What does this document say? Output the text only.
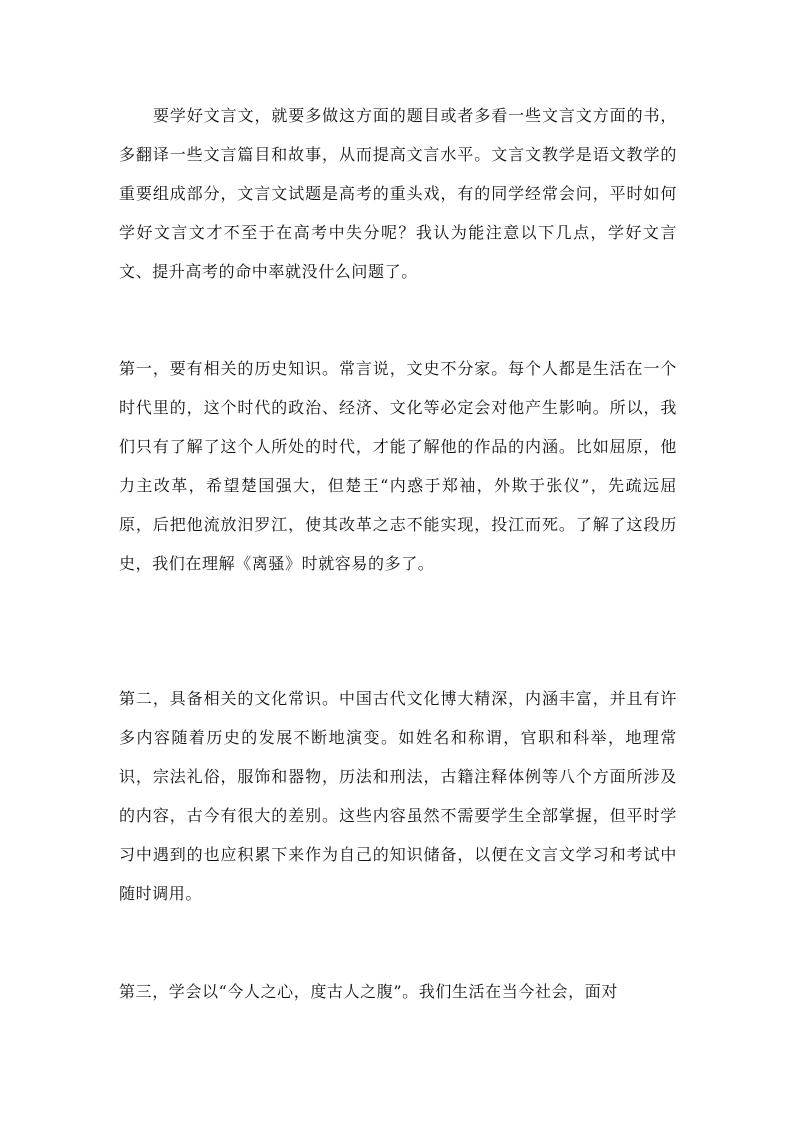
要学好文言文，就要多做这方面的题目或者多看一些文言文方面的书，多翻译一些文言篇目和故事，从而提高文言水平。文言文教学是语文教学的重要组成部分，文言文试题是高考的重头戏，有的同学经常会问，平时如何学好文言文才不至于在高考中失分呢？我认为能注意以下几点，学好文言文、提升高考的命中率就没什么问题了。

第一，要有相关的历史知识。常言说，文史不分家。每个人都是生活在一个时代里的，这个时代的政治、经济、文化等必定会对他产生影响。所以，我们只有了解了这个人所处的时代，才能了解他的作品的内涵。比如屈原，他力主改革，希望楚国强大，但楚王“内惑于郑袖，外欺于张仪”，先疏远屈原，后把他流放汨罗江，使其改革之志不能实现，投江而死。了解了这段历史，我们在理解《离骚》时就容易的多了。

第二，具备相关的文化常识。中国古代文化博大精深，内涵丰富，并且有许多内容随着历史的发展不断地演变。如姓名和称谓，官职和科举，地理常识，宗法礼俗，服饰和器物，历法和刑法，古籍注释体例等八个方面所涉及的内容，古今有很大的差别。这些内容虽然不需要学生全部掌握，但平时学习中遇到的也应积累下来作为自己的知识储备，以便在文言文学习和考试中随时调用。

第三，学会以“今人之心，度古人之腹”。我们生活在当今社会，面对
